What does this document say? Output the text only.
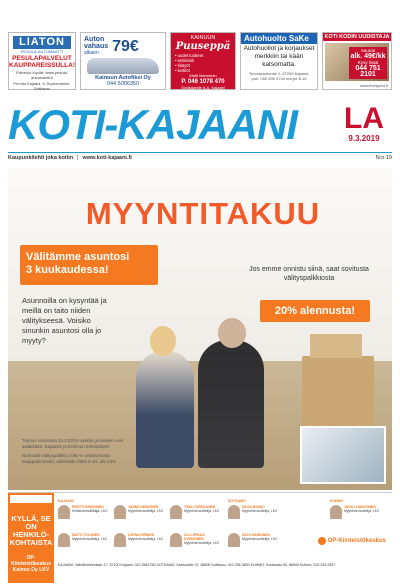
LIATON
PESULA-AUTOMAATTI
PESULAPALVELUT KAUPPAREISSULLA!
Palvelun löydät: www.pesula-automaatti.fi
Pirrolla Kajaani, K-Supermarket, Sotkamo
Auton
vahaus
alkaen 79€
Kainuun Autofiksi Oy
044 5006350
KAINUUN
Puuseppä
• uudet tuotteet
• entisöinti
• tilatyöt
• keittiöt
Matti Manninen
P. 046 1078 470
Syväojantie 6-A, Kajaani
ma-pe 8 - 16
Autohuolto SaKe
Autohuollot ja korjaukset merkkiin tai kään katsomatta.
Tervaskantontie 1, 87250 Kajaani,
puh. 050 505 5744 ma-pe 8-16
KOTI KODIN UUDISTAJA
Saunat
alk. 49€/kk
Kysy lisää
044 751 2101
www.ilvesjarvi.fi
KOTI-KAJAANI LA
9.3.2019
Kaupunkilehti joka kotiin | www.koti-kajaani.fi	N:o 19
MYYNTITAKUU
Välitämme asuntosi
3 kuukaudessa!	Jos emme onnistu siinä, saat sovitusta välityspalkkiosta
20% alennusta!
Asunnoilla on kysyntää ja meillä on taito niiden välitykseesä. Voisiko sinunkin asuntosi olla jo myyty?

Tarjous voimassa 15.3.2019 saakka ja koskee uusi asiakkaita. Kajaanin ja Kuhmon toimipisteet.

Normaali välityspalkkio 3,95 % velattomasta kauppahinnasta, vähintään 2950 € sis. alv 24%.

KYLLÄ, SE ON HENKILÖ-KOHTAISTA
OP-Kiinteistökeskus Kainuu Oy LKV
KAJAANI	SOTKAMO	KUHMO
PERTTI HEIKKINEN
Kiinteistönvälittäjä, LKV
JANNE KEINONEN
Myyntineuvottelija, LKV
TIINA TORKKANEN
Myyntineuvottelija, LKV
SEIJA MOISIO
Myyntineuvottelija, LKV
JUHA LUUKKONEN
Myyntineuvottelija, LKV
MATTI TOLONEN
Myyntineuvottelija, LKV
LEENA PIRINEN
Myyntineuvottelija, LKV
OLLI-PEKKA KORHONEN
Myyntineuvottelija, LKV
SATU KINNUNEN
Myyntineuvottelija, LKV	OP-Kiinteistökeskus
KAJAANI: Väinämöisenkatu 17, 87100 Kajaani, 010 2561760 SOTKAMO: Kainuuntie 22, 88600 Sotkamo, 010 256 3800 KUHMO: Koulukatu 50, 88900 Kuhmo, 010 253 2557
